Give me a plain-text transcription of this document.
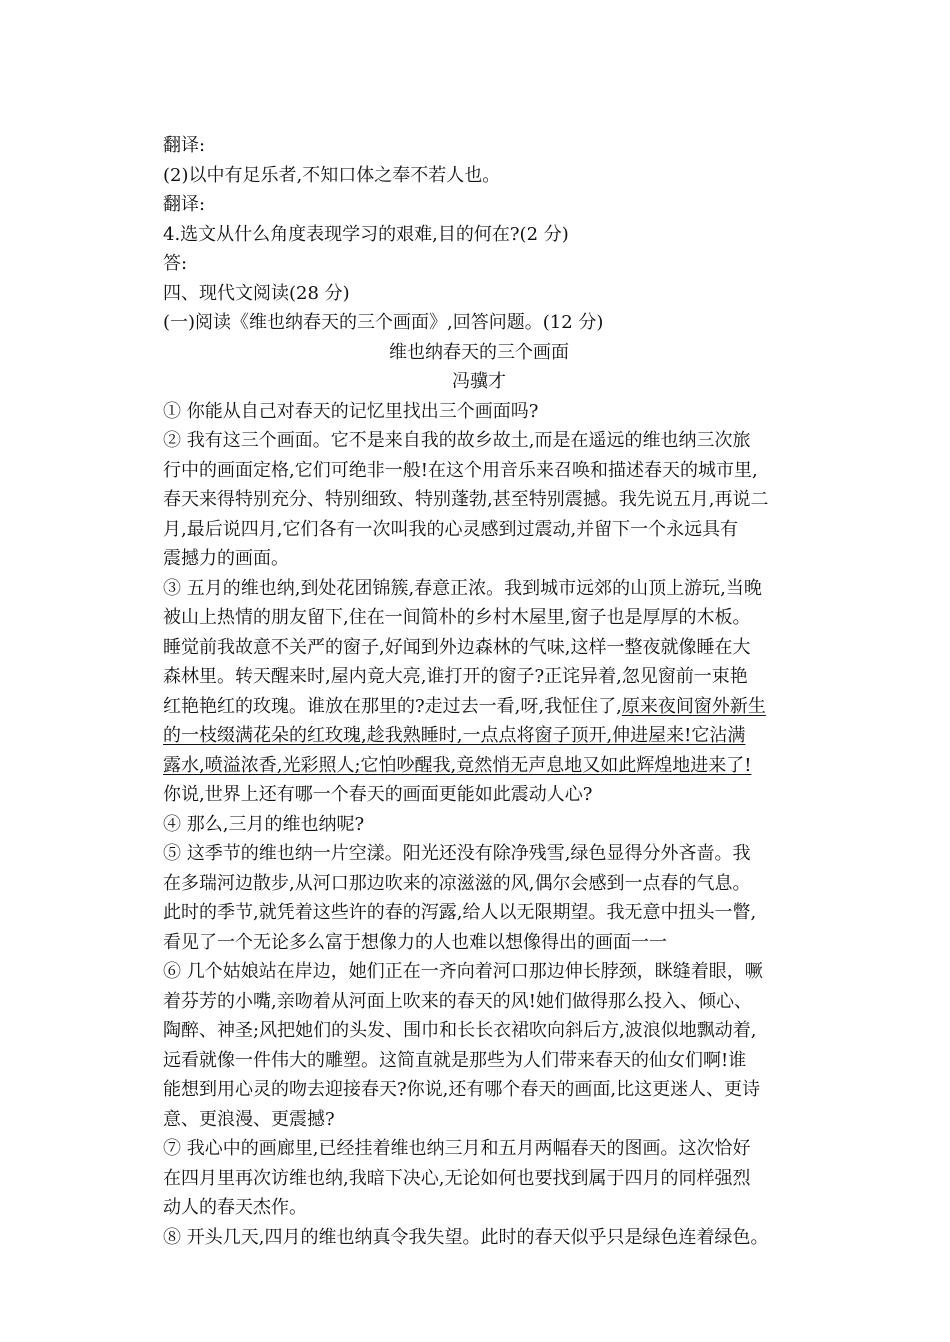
翻译:
(2)以中有足乐者,不知口体之奉不若人也。
翻译:
4.选文从什么角度表现学习的艰难,目的何在?(2 分)
答:
四、现代文阅读(28 分)
(一)阅读《维也纳春天的三个画面》,回答问题。(12 分)
维也纳春天的三个画面
冯骥才
① 你能从自己对春天的记忆里找出三个画面吗?
② 我有这三个画面。它不是来自我的故乡故土,而是在遥远的维也纳三次旅
行中的画面定格,它们可绝非一般!在这个用音乐来召唤和描述春天的城市里,
春天来得特别充分、特别细致、特别蓬勃,甚至特别震撼。我先说五月,再说二
月,最后说四月,它们各有一次叫我的心灵感到过震动,并留下一个永远具有
震撼力的画面。
③ 五月的维也纳,到处花团锦簇,春意正浓。我到城市远郊的山顶上游玩,当晚
被山上热情的朋友留下,住在一间简朴的乡村木屋里,窗子也是厚厚的木板。
睡觉前我故意不关严的窗子,好闻到外边森林的气味,这样一整夜就像睡在大
森林里。转天醒来时,屋内竟大亮,谁打开的窗子?正诧异着,忽见窗前一束艳
红艳艳红的玫瑰。谁放在那里的?走过去一看,呀,我怔住了,原来夜间窗外新生
的一枝缀满花朵的红玫瑰,趁我熟睡时,一点点将窗子顶开,伸进屋来!它沾满
露水,喷溢浓香,光彩照人;它怕吵醒我,竟然悄无声息地又如此辉煌地进来了!
你说,世界上还有哪一个春天的画面更能如此震动人心?
④ 那么,三月的维也纳呢?
⑤ 这季节的维也纳一片空漾。阳光还没有除净残雪,绿色显得分外吝啬。我
在多瑞河边散步,从河口那边吹来的凉滋滋的风,偶尔会感到一点春的气息。
此时的季节,就凭着这些许的春的泻露,给人以无限期望。我无意中扭头一瞥,
看见了一个无论多么富于想像力的人也难以想像得出的画面一一
⑥ 几个姑娘站在岸边，她们正在一齐向着河口那边伸长脖颈，眯缝着眼，噘
着芬芳的小嘴,亲吻着从河面上吹来的春天的风!她们做得那么投入、倾心、
陶醉、神圣;风把她们的头发、围巾和长长衣裙吹向斜后方,波浪似地飘动着,
远看就像一件伟大的雕塑。这简直就是那些为人们带来春天的仙女们啊!谁
能想到用心灵的吻去迎接春天?你说,还有哪个春天的画面,比这更迷人、更诗
意、更浪漫、更震撼?
⑦ 我心中的画廊里,已经挂着维也纳三月和五月两幅春天的图画。这次恰好
在四月里再次访维也纳,我暗下决心,无论如何也要找到属于四月的同样强烈
动人的春天杰作。
⑧ 开头几天,四月的维也纳真令我失望。此时的春天似乎只是绿色连着绿色。
